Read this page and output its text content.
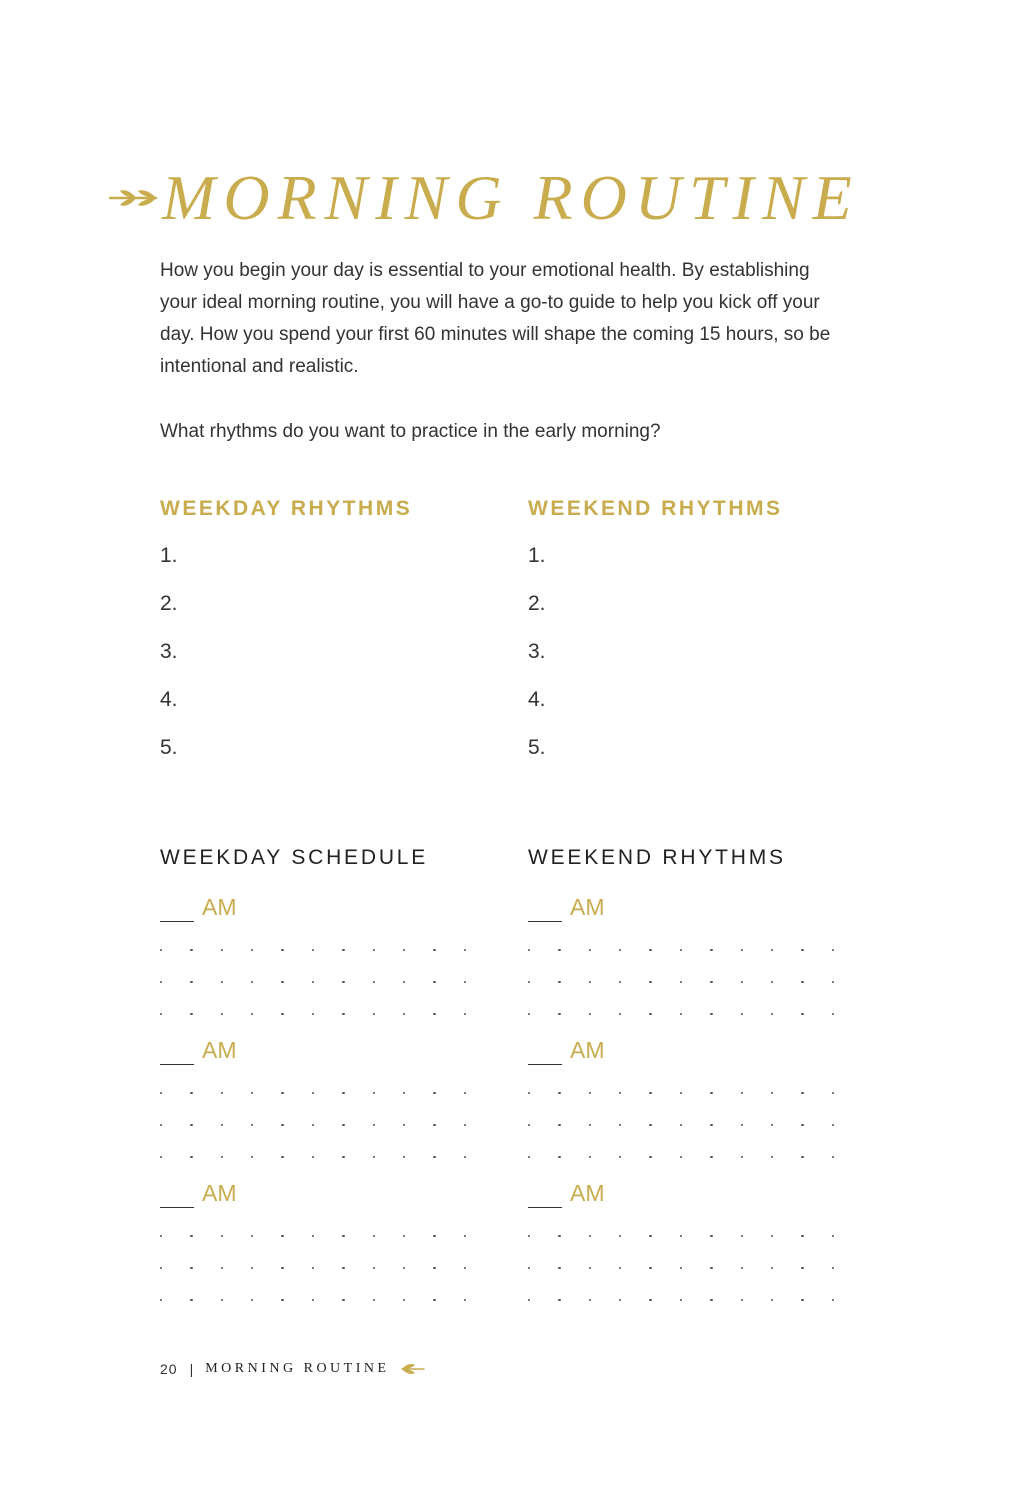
MORNING ROUTINE

How you begin your day is essential to your emotional health. By establishing your ideal morning routine, you will have a go-to guide to help you kick off your day. How you spend your first 60 minutes will shape the coming 15 hours, so be intentional and realistic.

What rhythms do you want to practice in the early morning?

WEEKDAY RHYTHMS	WEEKEND RHYTHMS
1.
2.
3.
4.
5.
1.
2.
3.
4.
5.
WEEKDAY SCHEDULE	WEEKEND RHYTHMS
AM
AM
AM
AM
AM
AM
20 | MORNING ROUTINE
